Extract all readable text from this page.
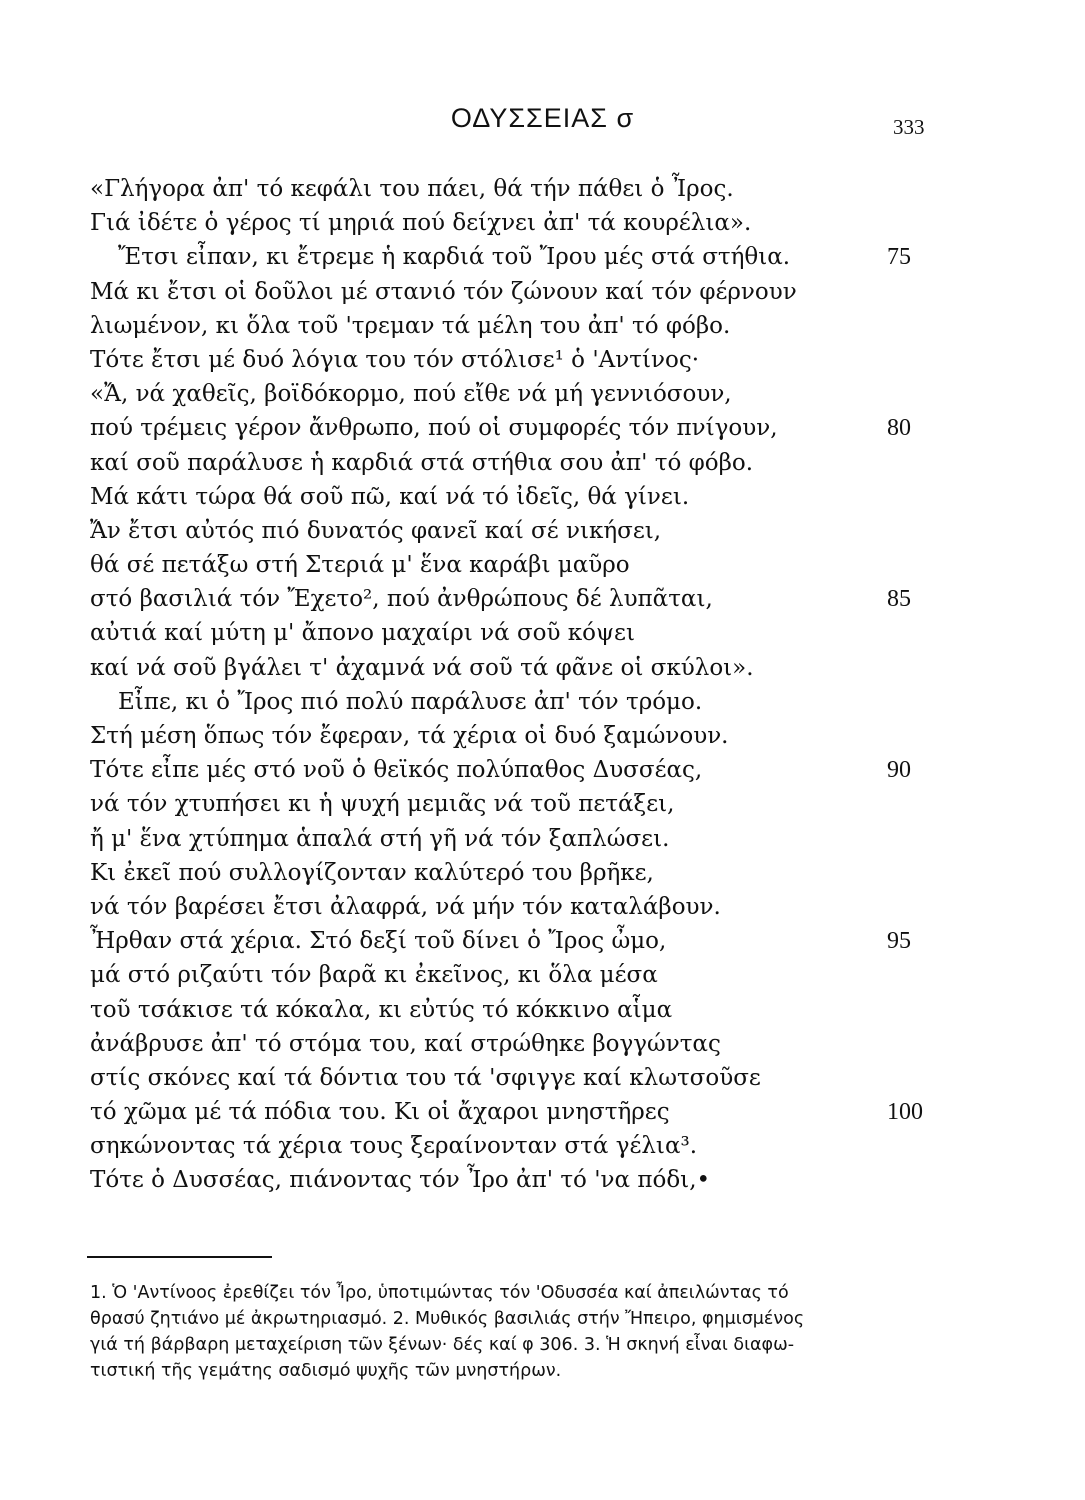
ΟΔΥΣΣΕΙΑΣ σ	333
«Γλήγορα ἀπ' τό κεφάλι του πάει, θά τήν πάθει ὁ Ἶρος.
Γιά ἰδέτε ὁ γέρος τί μηριά πού δείχνει ἀπ' τά κουρέλια».
Ἔτσι εἶπαν, κι ἔτρεμε ἡ καρδιά τοῦ Ἴρου μές στά στήθια.	75
Μά κι ἔτσι οἱ δοῦλοι μέ στανιό τόν ζώνουν καί τόν φέρνουν
λιωμένον, κι ὅλα τοῦ 'τρεμαν τά μέλη του ἀπ' τό φόβο.
Τότε ἔτσι μέ δυό λόγια του τόν στόλισε¹ ὁ 'Αντίνος·
«Ἄ, νά χαθεῖς, βοϊδόκορμο, πού εἴθε νά μή γεννιόσουν,
πού τρέμεις γέρον ἄνθρωπο, πού οἱ συμφορές τόν πνίγουν,	80
καί σοῦ παράλυσε ἡ καρδιά στά στήθια σου ἀπ' τό φόβο.
Μά κάτι τώρα θά σοῦ πῶ, καί νά τό ἰδεῖς, θά γίνει.
Ἄν ἔτσι αὐτός πιό δυνατός φανεῖ καί σέ νικήσει,
θά σέ πετάξω στή Στεριά μ' ἕνα καράβι μαῦρο
στό βασιλιά τόν Ἔχετο², πού ἀνθρώπους δέ λυπᾶται,	85
αὐτιά καί μύτη μ' ἄπονο μαχαίρι νά σοῦ κόψει
καί νά σοῦ βγάλει τ' ἀχαμνά νά σοῦ τά φᾶνε οἱ σκύλοι».
Εἶπε, κι ὁ Ἴρος πιό πολύ παράλυσε ἀπ' τόν τρόμο.
Στή μέση ὅπως τόν ἔφεραν, τά χέρια οἱ δυό ξαμώνουν.
Τότε εἶπε μές στό νοῦ ὁ θεϊκός πολύπαθος Δυσσέας,	90
νά τόν χτυπήσει κι ἡ ψυχή μεμιᾶς νά τοῦ πετάξει,
ἤ μ' ἕνα χτύπημα ἁπαλά στή γῆ νά τόν ξαπλώσει.
Κι ἐκεῖ πού συλλογίζονταν καλύτερό του βρῆκε,
νά τόν βαρέσει ἔτσι ἀλαφρά, νά μήν τόν καταλάβουν.
Ἦρθαν στά χέρια. Στό δεξί τοῦ δίνει ὁ Ἴρος ὦμο,	95
μά στό ριζαύτι τόν βαρᾶ κι ἐκεῖνος, κι ὅλα μέσα
τοῦ τσάκισε τά κόκαλα, κι εὐτύς τό κόκκινο αἷμα
ἀνάβρυσε ἀπ' τό στόμα του, καί στρώθηκε βογγώντας
στίς σκόνες καί τά δόντια του τά 'σφιγγε καί κλωτσοῦσε
τό χῶμα μέ τά πόδια του. Κι οἱ ἄχαροι μνηστῆρες	100
σηκώνοντας τά χέρια τους ξεραίνονταν στά γέλια³.
Τότε ὁ Δυσσέας, πιάνοντας τόν Ἶρο ἀπ' τό 'να πόδι,•
1. Ὁ 'Αντίνοος ἐρεθίζει τόν Ἶρο, ὑποτιμώντας τόν 'Οδυσσέα καί ἀπειλώντας τό
θρασύ ζητιάνο μέ ἀκρωτηριασμό. 2. Μυθικός βασιλιάς στήν Ἤπειρο, φημισμένος
γιά τή βάρβαρη μεταχείριση τῶν ξένων· δές καί φ 306. 3. Ἡ σκηνή εἶναι διαφω-
τιστική τῆς γεμάτης σαδισμό ψυχῆς τῶν μνηστήρων.
